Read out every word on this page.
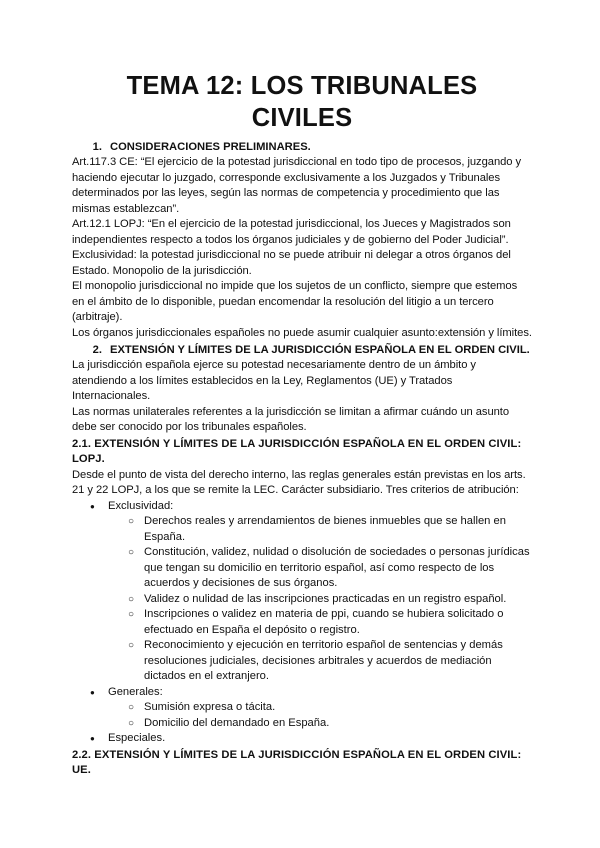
TEMA 12: LOS TRIBUNALES
CIVILES
1. CONSIDERACIONES PRELIMINARES.

Art.117.3 CE: “El ejercicio de la potestad jurisdiccional en todo tipo de procesos, juzgando y haciendo ejecutar lo juzgado, corresponde exclusivamente a los Juzgados y Tribunales determinados por las leyes, según las normas de competencia y procedimiento que las mismas establezcan”.

Art.12.1 LOPJ: “En el ejercicio de la potestad jurisdiccional, los Jueces y Magistrados son independientes respecto a todos los órganos judiciales y de gobierno del Poder Judicial”.

Exclusividad: la potestad jurisdiccional no se puede atribuir ni delegar a otros órganos del Estado. Monopolio de la jurisdicción.

El monopolio jurisdiccional no impide que los sujetos de un conflicto, siempre que estemos en el ámbito de lo disponible, puedan encomendar la resolución del litigio a un tercero (arbitraje).

Los órganos jurisdiccionales españoles no puede asumir cualquier asunto:extensión y límites.

2. EXTENSIÓN Y LÍMITES DE LA JURISDICCIÓN ESPAÑOLA EN EL ORDEN CIVIL.

La jurisdicción española ejerce su potestad necesariamente dentro de un ámbito y atendiendo a los límites establecidos en la Ley, Reglamentos (UE) y Tratados Internacionales.

Las normas unilaterales referentes a la jurisdicción se limitan a afirmar cuándo un asunto debe ser conocido por los tribunales españoles.

2.1. EXTENSIÓN Y LÍMITES DE LA JURISDICCIÓN ESPAÑOLA EN EL ORDEN CIVIL: LOPJ.

Desde el punto de vista del derecho interno, las reglas generales están previstas en los arts. 21 y 22 LOPJ, a los que se remite la LEC. Carácter subsidiario. Tres criterios de atribución:

● Exclusividad:
○ Derechos reales y arrendamientos de bienes inmuebles que se hallen en España.
○ Constitución, validez, nulidad o disolución de sociedades o personas jurídicas que tengan su domicilio en territorio español, así como respecto de los acuerdos y decisiones de sus órganos.
○ Validez o nulidad de las inscripciones practicadas en un registro español.
○ Inscripciones o validez en materia de ppi, cuando se hubiera solicitado o efectuado en España el depósito o registro.
○ Reconocimiento y ejecución en territorio español de sentencias y demás resoluciones judiciales, decisiones arbitrales y acuerdos de mediación dictados en el extranjero.
● Generales:
○ Sumisión expresa o tácita.
○ Domicilio del demandado en España.
● Especiales.
2.2. EXTENSIÓN Y LÍMITES DE LA JURISDICCIÓN ESPAÑOLA EN EL ORDEN CIVIL: UE.
